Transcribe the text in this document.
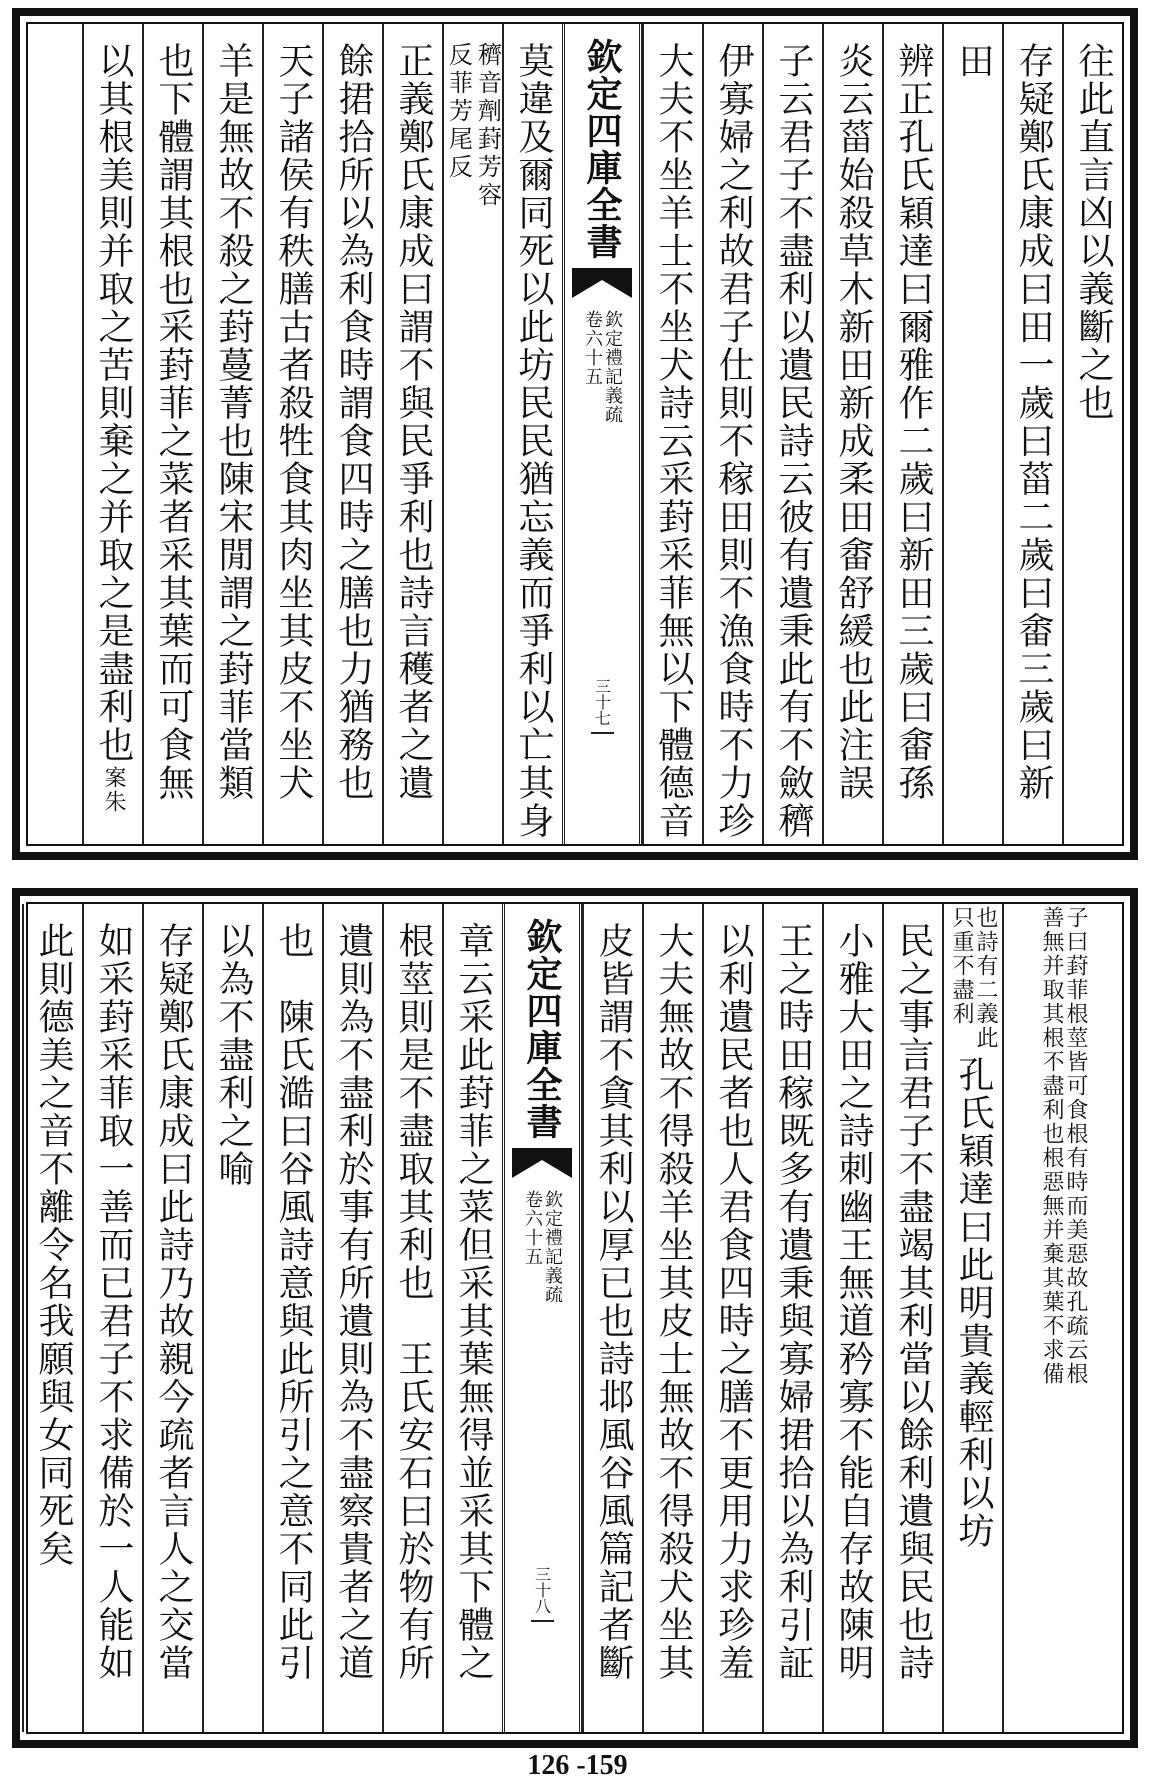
往此直言凶以義斷之也
存疑鄭氏康成曰田一歲曰菑二歲曰畬三歲曰新
田
辨正孔氏穎達曰爾雅作二歲曰新田三歲曰畬孫
炎云菑始殺草木新田新成柔田畬舒緩也此注誤
子云君子不盡利以遺民詩云彼有遺秉此有不斂穧
伊寡婦之利故君子仕則不稼田則不漁食時不力珍
大夫不坐羊士不坐犬詩云采葑采菲無以下體德音
欽定四庫全書
欽定禮記義疏
卷六十五
三十七
莫違及爾同死以此坊民民猶忘義而爭利以亡其身
穧音劑葑芳容
反菲芳尾反
正義鄭氏康成曰謂不與民爭利也詩言穫者之遺
餘捃拾所以為利食時謂食四時之膳也力猶務也
天子諸侯有秩膳古者殺牲食其肉坐其皮不坐犬
羊是無故不殺之葑蔓菁也陳宋閒謂之葑菲當類
也下體謂其根也采葑菲之菜者采其葉而可食無
以其根美則并取之苦則棄之并取之是盡利也
案朱
子曰葑菲根莖皆可食根有時而美惡故孔疏云根
善無并取其根不盡利也根惡無并棄其葉不求備
也詩有二義此
只重不盡利
孔氏穎達曰此明貴義輕利以坊
民之事言君子不盡竭其利當以餘利遺與民也詩
小雅大田之詩刺幽王無道矜寡不能自存故陳明
王之時田稼既多有遺秉與寡婦捃拾以為利引証
以利遺民者也人君食四時之膳不更用力求珍羞
大夫無故不得殺羊坐其皮士無故不得殺犬坐其
皮皆謂不貪其利以厚已也詩邶風谷風篇記者斷
欽定四庫全書
欽定禮記義疏
卷六十五
三十八
章云采此葑菲之菜但采其葉無得並采其下體之
根莖則是不盡取其利也　王氏安石曰於物有所
遺則為不盡利於事有所遺則為不盡察貴者之道
也　陳氏澔曰谷風詩意與此所引之意不同此引
以為不盡利之喻
存疑鄭氏康成曰此詩乃故親今疏者言人之交當
如采葑采菲取一善而已君子不求備於一人能如
此則德美之音不離令名我願與女同死矣
126 -159
